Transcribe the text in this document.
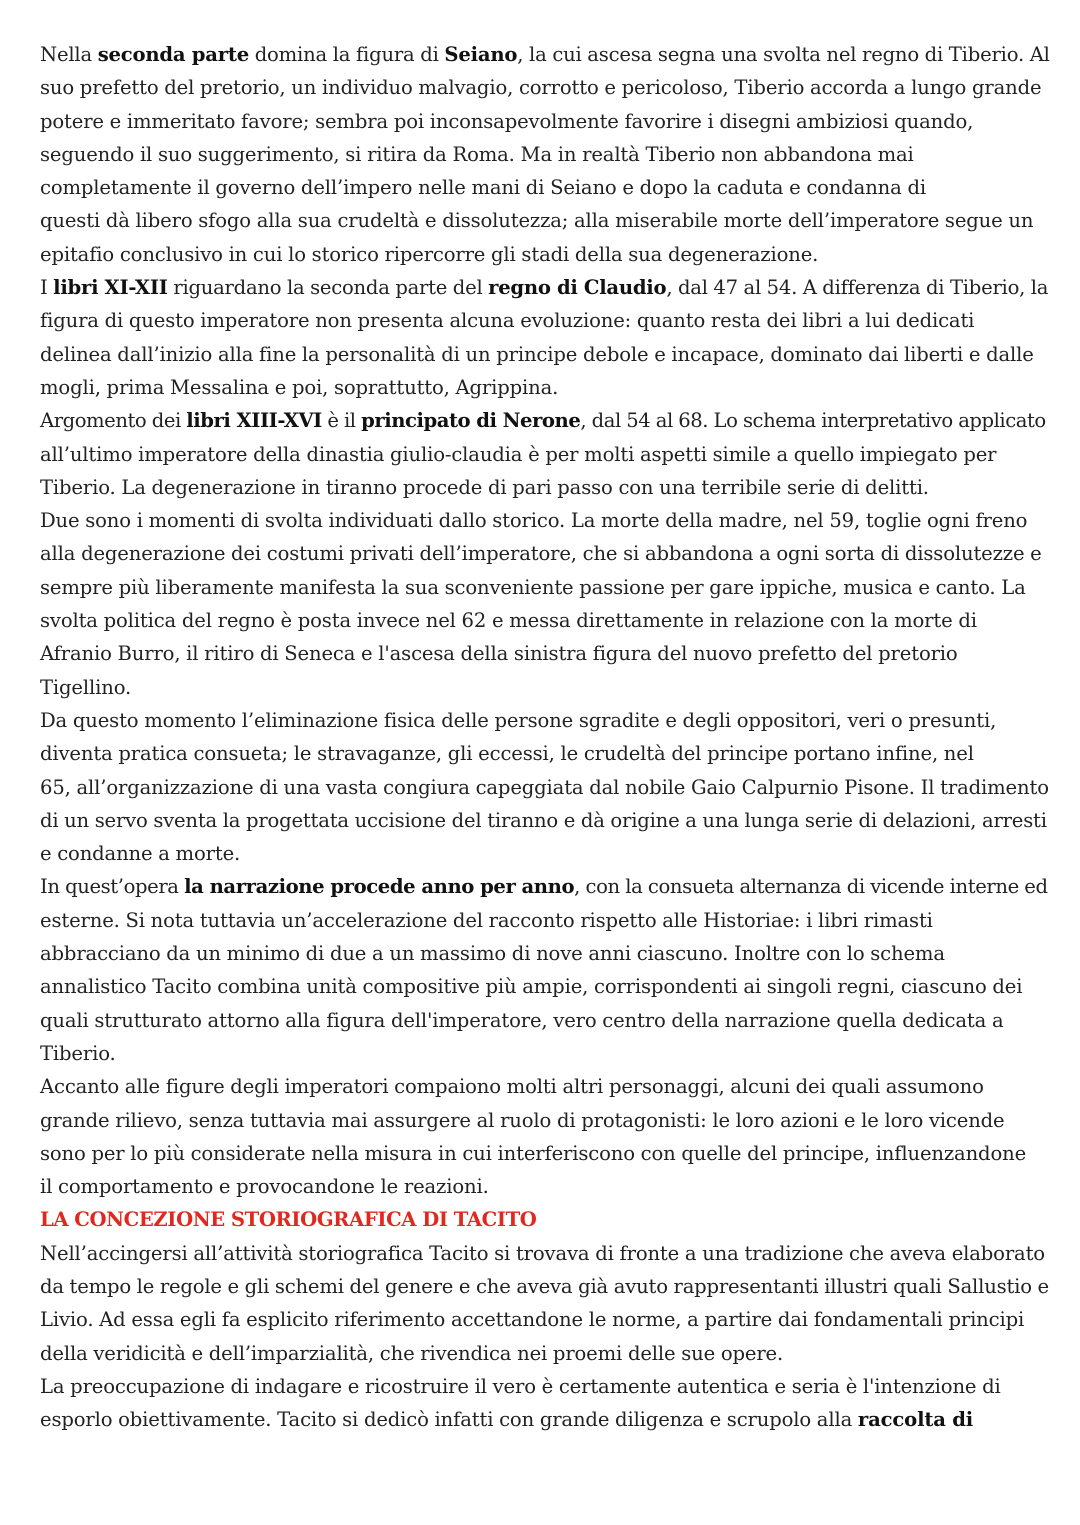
Nella seconda parte domina la figura di Seiano, la cui ascesa segna una svolta nel regno di Tiberio. Al
suo prefetto del pretorio, un individuo malvagio, corrotto e pericoloso, Tiberio accorda a lungo grande
potere e immeritato favore; sembra poi inconsapevolmente favorire i disegni ambiziosi quando,
seguendo il suo suggerimento, si ritira da Roma. Ma in realtà Tiberio non abbandona mai
completamente il governo dell’impero nelle mani di Seiano e dopo la caduta e condanna di
questi dà libero sfogo alla sua crudeltà e dissolutezza; alla miserabile morte dell’imperatore segue un
epitafio conclusivo in cui lo storico ripercorre gli stadi della sua degenerazione.
I libri XI-XII riguardano la seconda parte del regno di Claudio, dal 47 al 54. A differenza di Tiberio, la
figura di questo imperatore non presenta alcuna evoluzione: quanto resta dei libri a lui dedicati
delinea dall’inizio alla fine la personalità di un principe debole e incapace, dominato dai liberti e dalle
mogli, prima Messalina e poi, soprattutto, Agrippina.
Argomento dei libri XIII-XVI è il principato di Nerone, dal 54 al 68. Lo schema interpretativo applicato
all’ultimo imperatore della dinastia giulio-claudia è per molti aspetti simile a quello impiegato per
Tiberio. La degenerazione in tiranno procede di pari passo con una terribile serie di delitti.
Due sono i momenti di svolta individuati dallo storico. La morte della madre, nel 59, toglie ogni freno
alla degenerazione dei costumi privati dell’imperatore, che si abbandona a ogni sorta di dissolutezze e
sempre più liberamente manifesta la sua sconveniente passione per gare ippiche, musica e canto. La
svolta politica del regno è posta invece nel 62 e messa direttamente in relazione con la morte di
Afranio Burro, il ritiro di Seneca e l'ascesa della sinistra figura del nuovo prefetto del pretorio
Tigellino.
Da questo momento l’eliminazione fisica delle persone sgradite e degli oppositori, veri o presunti,
diventa pratica consueta; le stravaganze, gli eccessi, le crudeltà del principe portano infine, nel
65, all’organizzazione di una vasta congiura capeggiata dal nobile Gaio Calpurnio Pisone. Il tradimento
di un servo sventa la progettata uccisione del tiranno e dà origine a una lunga serie di delazioni, arresti
e condanne a morte.
In quest’opera la narrazione procede anno per anno, con la consueta alternanza di vicende interne ed
esterne. Si nota tuttavia un’accelerazione del racconto rispetto alle Historiae: i libri rimasti
abbracciano da un minimo di due a un massimo di nove anni ciascuno. Inoltre con lo schema
annalistico Tacito combina unità compositive più ampie, corrispondenti ai singoli regni, ciascuno dei
quali strutturato attorno alla figura dell'imperatore, vero centro della narrazione quella dedicata a
Tiberio.
Accanto alle figure degli imperatori compaiono molti altri personaggi, alcuni dei quali assumono
grande rilievo, senza tuttavia mai assurgere al ruolo di protagonisti: le loro azioni e le loro vicende
sono per lo più considerate nella misura in cui interferiscono con quelle del principe, influenzandone
il comportamento e provocandone le reazioni.
LA CONCEZIONE STORIOGRAFICA DI TACITO
Nell’accingersi all’attività storiografica Tacito si trovava di fronte a una tradizione che aveva elaborato
da tempo le regole e gli schemi del genere e che aveva già avuto rappresentanti illustri quali Sallustio e
Livio. Ad essa egli fa esplicito riferimento accettandone le norme, a partire dai fondamentali principi
della veridicità e dell’imparzialità, che rivendica nei proemi delle sue opere.
La preoccupazione di indagare e ricostruire il vero è certamente autentica e seria è l'intenzione di
esporlo obiettivamente. Tacito si dedicò infatti con grande diligenza e scrupolo alla raccolta di
